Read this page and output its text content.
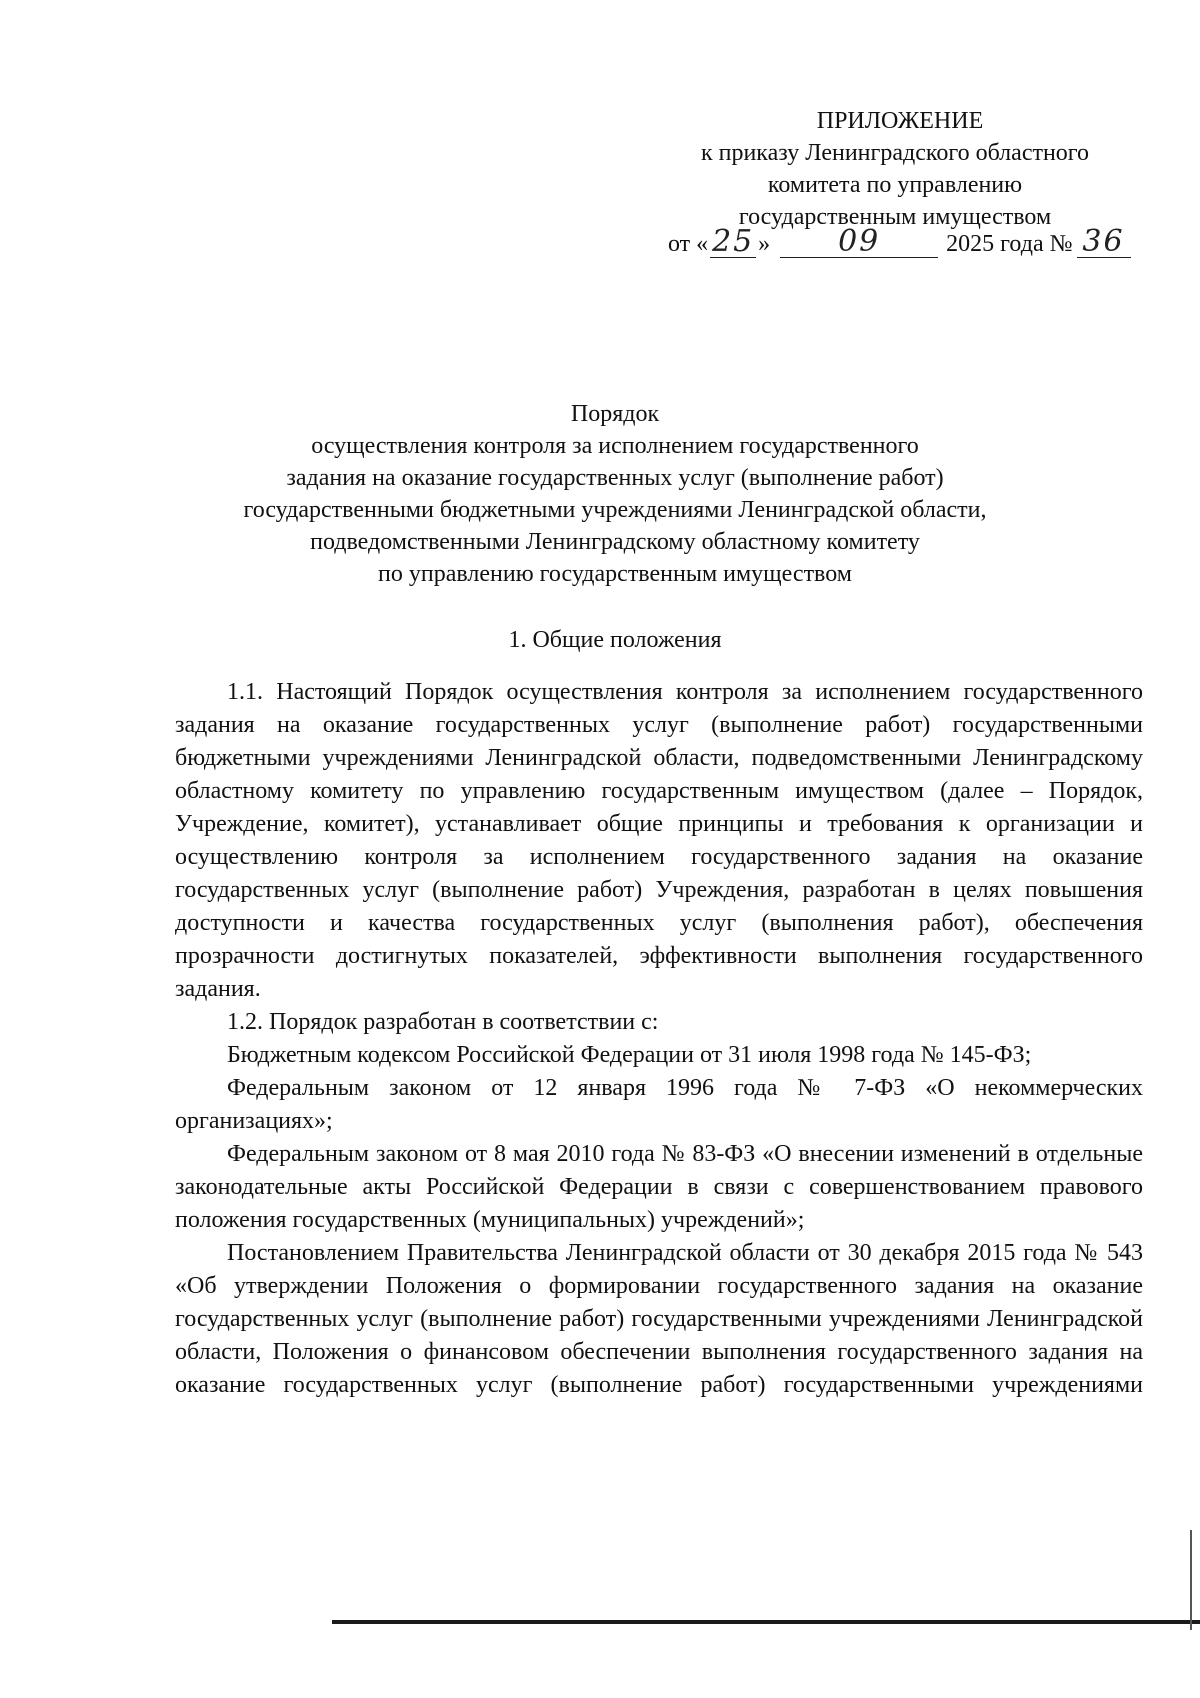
ПРИЛОЖЕНИЕ
к приказу Ленинградского областного
комитета по управлению
государственным имуществом
от « 25 » 09	2025 года № 36
Порядок
осуществления контроля за исполнением государственного
задания на оказание государственных услуг (выполнение работ)
государственными бюджетными учреждениями Ленинградской области,
подведомственными Ленинградскому областному комитету
по управлению государственным имуществом
1. Общие положения

1.1. Настоящий Порядок осуществления контроля за исполнением государственного задания на оказание государственных услуг (выполнение работ) государственными бюджетными учреждениями Ленинградской области, подведомственными Ленинградскому областному комитету по управлению государственным имуществом (далее – Порядок, Учреждение, комитет), устанавливает общие принципы и требования к организации и осуществлению контроля за исполнением государственного задания на оказание государственных услуг (выполнение работ) Учреждения, разработан в целях повышения доступности и качества государственных услуг (выполнения работ), обеспечения прозрачности достигнутых показателей, эффективности выполнения государственного задания.

1.2. Порядок разработан в соответствии с:

Бюджетным кодексом Российской Федерации от 31 июля 1998 года № 145-ФЗ;

Федеральным законом от 12 января 1996 года № 7-ФЗ «О некоммерческих организациях»;

Федеральным законом от 8 мая 2010 года № 83-ФЗ «О внесении изменений в отдельные законодательные акты Российской Федерации в связи с совершенствованием правового положения государственных (муниципальных) учреждений»;

Постановлением Правительства Ленинградской области от 30 декабря 2015 года № 543 «Об утверждении Положения о формировании государственного задания на оказание государственных услуг (выполнение работ) государственными учреждениями Ленинградской области, Положения о финансовом обеспечении выполнения государственного задания на оказание государственных услуг (выполнение работ) государственными учреждениями
